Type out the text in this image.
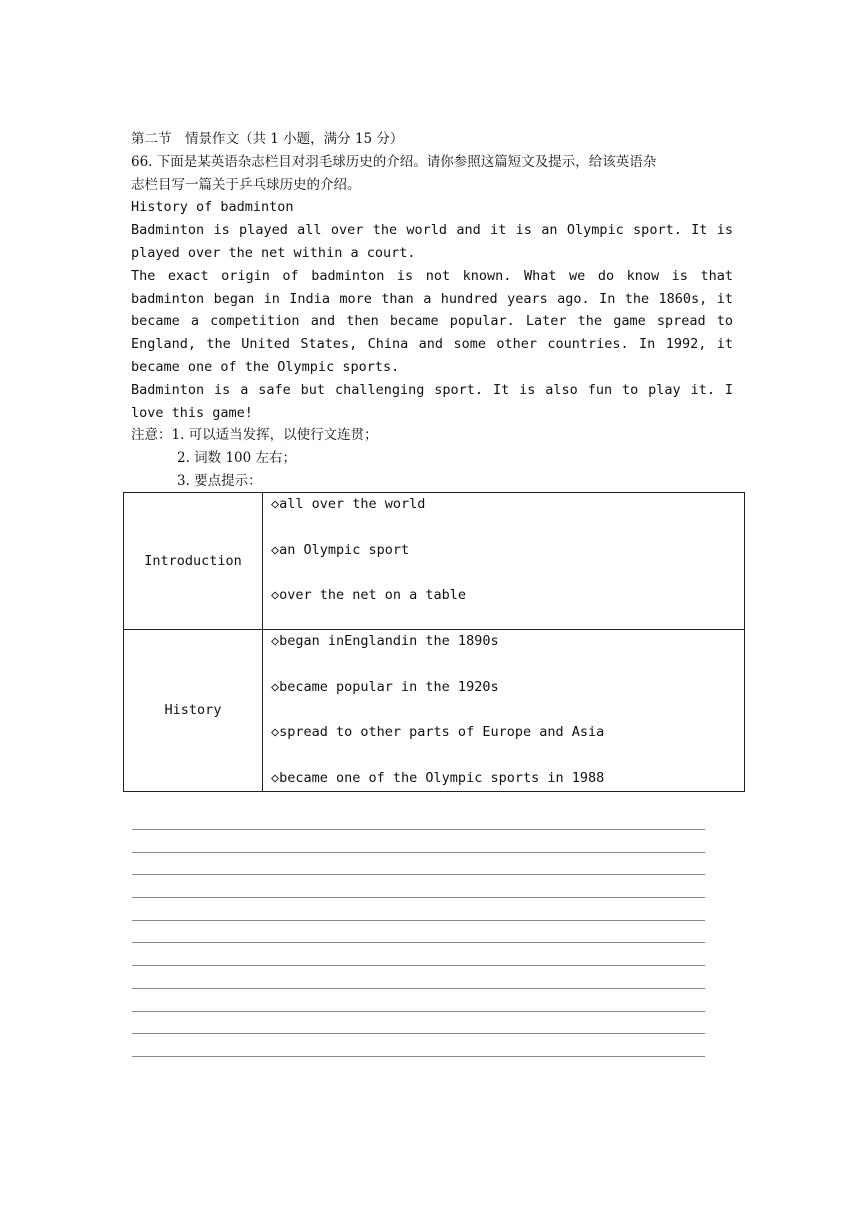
第二节　情景作文（共 1 小题，满分 15 分）
66. 下面是某英语杂志栏目对羽毛球历史的介绍。请你参照这篇短文及提示，给该英语杂
志栏目写一篇关于乒乓球历史的介绍。
History of badminton
Badminton is played all over the world and it is an Olympic sport. It is played over the net within a court.
The exact origin of badminton is not known. What we do know is that badminton began in India more than a hundred years ago. In the 1860s, it became a competition and then became popular. Later the game spread to England, the United States, China and some other countries. In 1992, it became one of the Olympic sports.
Badminton is a safe but challenging sport. It is also fun to play it. I love this game!
注意：1. 可以适当发挥，以使行文连贯；
2. 词数 100 左右；
3. 要点提示：
Introduction	◇all over the world
◇an Olympic sport
◇over the net on a table

History	◇began inEnglandin the 1890s
◇became popular in the 1920s
◇spread to other parts of Europe and Asia
◇became one of the Olympic sports in 1988
